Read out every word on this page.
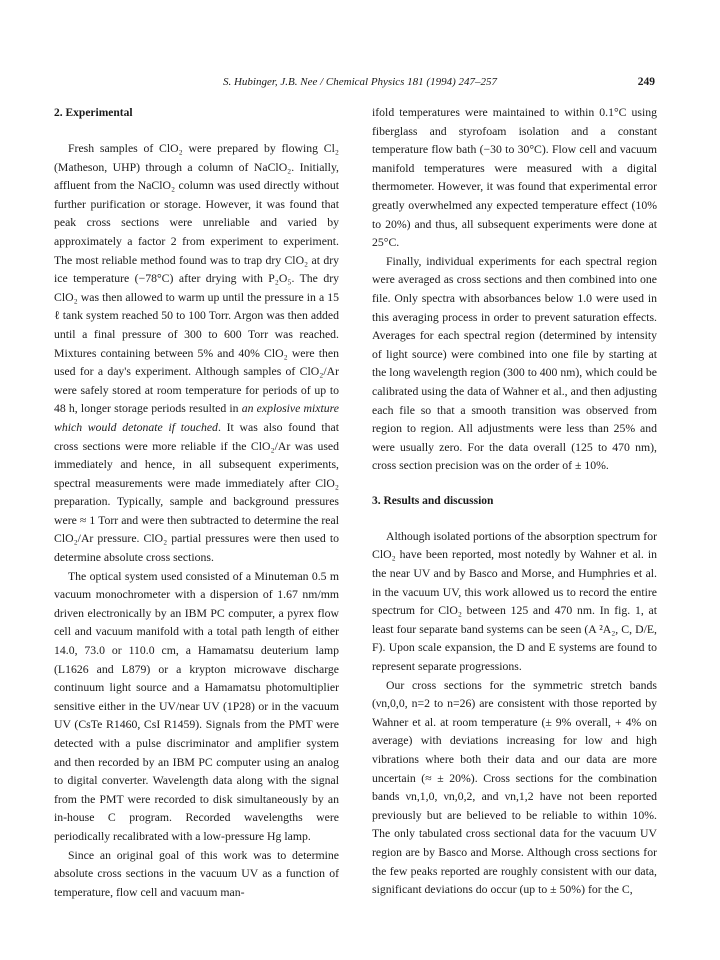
S. Hubinger, J.B. Nee / Chemical Physics 181 (1994) 247–257	249
2. Experimental

Fresh samples of ClO₂ were prepared by flowing Cl₂ (Matheson, UHP) through a column of NaClO₂. Initially, affluent from the NaClO₂ column was used directly without further purification or storage. However, it was found that peak cross sections were unreliable and varied by approximately a factor 2 from experiment to experiment. The most reliable method found was to trap dry ClO₂ at dry ice temperature (−78°C) after drying with P₂O₅. The dry ClO₂ was then allowed to warm up until the pressure in a 15 ℓ tank system reached 50 to 100 Torr. Argon was then added until a final pressure of 300 to 600 Torr was reached. Mixtures containing between 5% and 40% ClO₂ were then used for a day's experiment. Although samples of ClO₂/Ar were safely stored at room temperature for periods of up to 48 h, longer storage periods resulted in an explosive mixture which would detonate if touched. It was also found that cross sections were more reliable if the ClO₂/Ar was used immediately and hence, in all subsequent experiments, spectral measurements were made immediately after ClO₂ preparation. Typically, sample and background pressures were ≈ 1 Torr and were then subtracted to determine the real ClO₂/Ar pressure. ClO₂ partial pressures were then used to determine absolute cross sections.

The optical system used consisted of a Minuteman 0.5 m vacuum monochrometer with a dispersion of 1.67 nm/mm driven electronically by an IBM PC computer, a pyrex flow cell and vacuum manifold with a total path length of either 14.0, 73.0 or 110.0 cm, a Hamamatsu deuterium lamp (L1626 and L879) or a krypton microwave discharge continuum light source and a Hamamatsu photomultiplier sensitive either in the UV/near UV (1P28) or in the vacuum UV (CsTe R1460, CsI R1459). Signals from the PMT were detected with a pulse discriminator and amplifier system and then recorded by an IBM PC computer using an analog to digital converter. Wavelength data along with the signal from the PMT were recorded to disk simultaneously by an in-house C program. Recorded wavelengths were periodically recalibrated with a low-pressure Hg lamp.

Since an original goal of this work was to determine absolute cross sections in the vacuum UV as a function of temperature, flow cell and vacuum man-

ifold temperatures were maintained to within 0.1°C using fiberglass and styrofoam isolation and a constant temperature flow bath (−30 to 30°C). Flow cell and vacuum manifold temperatures were measured with a digital thermometer. However, it was found that experimental error greatly overwhelmed any expected temperature effect (10% to 20%) and thus, all subsequent experiments were done at 25°C.

Finally, individual experiments for each spectral region were averaged as cross sections and then combined into one file. Only spectra with absorbances below 1.0 were used in this averaging process in order to prevent saturation effects. Averages for each spectral region (determined by intensity of light source) were combined into one file by starting at the long wavelength region (300 to 400 nm), which could be calibrated using the data of Wahner et al., and then adjusting each file so that a smooth transition was observed from region to region. All adjustments were less than 25% and were usually zero. For the data overall (125 to 470 nm), cross section precision was on the order of ± 10%.

3. Results and discussion

Although isolated portions of the absorption spectrum for ClO₂ have been reported, most notedly by Wahner et al. in the near UV and by Basco and Morse, and Humphries et al. in the vacuum UV, this work allowed us to record the entire spectrum for ClO₂ between 125 and 470 nm. In fig. 1, at least four separate band systems can be seen (A ²A₂, C, D/E, F). Upon scale expansion, the D and E systems are found to represent separate progressions.

Our cross sections for the symmetric stretch bands (νn,0,0, n=2 to n=26) are consistent with those reported by Wahner et al. at room temperature (± 9% overall, + 4% on average) with deviations increasing for low and high vibrations where both their data and our data are more uncertain (≈ ± 20%). Cross sections for the combination bands νn,1,0, νn,0,2, and νn,1,2 have not been reported previously but are believed to be reliable to within 10%. The only tabulated cross sectional data for the vacuum UV region are by Basco and Morse. Although cross sections for the few peaks reported are roughly consistent with our data, significant deviations do occur (up to ± 50%) for the C,
